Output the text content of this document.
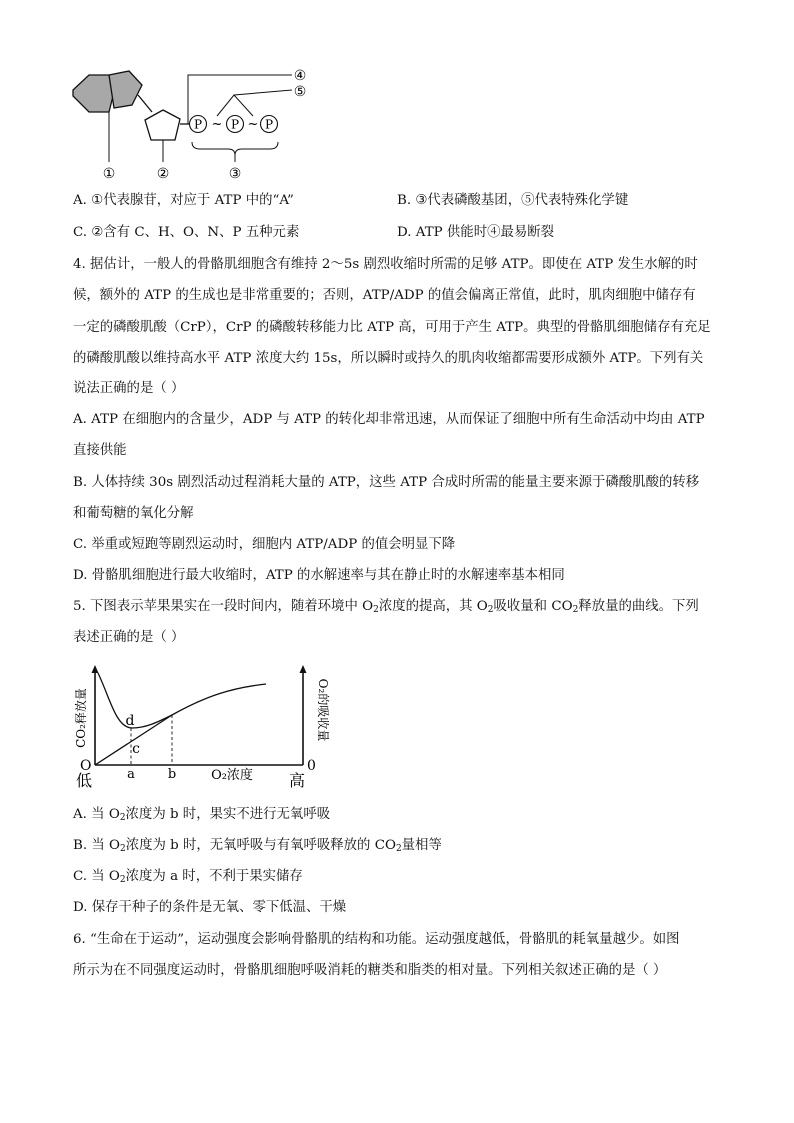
P ~ P ~ P
①	②	③
④
⑤
A. ①代表腺苷，对应于 ATP 中的“A”	B. ③代表磷酸基团，⑤代表特殊化学键
C. ②含有 C、H、O、N、P 五种元素	D. ATP 供能时④最易断裂
4. 据估计，一般人的骨骼肌细胞含有维持 2～5s 剧烈收缩时所需的足够 ATP。即使在 ATP 发生水解的时
候，额外的 ATP 的生成也是非常重要的；否则，ATP/ADP 的值会偏离正常值，此时，肌肉细胞中储存有
一定的磷酸肌酸（CrP），CrP 的磷酸转移能力比 ATP 高，可用于产生 ATP。典型的骨骼肌细胞储存有充足
的磷酸肌酸以维持高水平 ATP 浓度大约 15s，所以瞬时或持久的肌肉收缩都需要形成额外 ATP。下列有关
说法正确的是（ ）
A. ATP 在细胞内的含量少，ADP 与 ATP 的转化却非常迅速，从而保证了细胞中所有生命活动中均由 ATP
直接供能
B. 人体持续 30s 剧烈活动过程消耗大量的 ATP，这些 ATP 合成时所需的能量主要来源于磷酸肌酸的转移
和葡萄糖的氧化分解
C. 举重或短跑等剧烈运动时，细胞内 ATP/ADP 的值会明显下降
D. 骨骼肌细胞进行最大收缩时，ATP 的水解速率与其在静止时的水解速率基本相同
5. 下图表示苹果果实在一段时间内，随着环境中 $O_2$浓度的提高，其 $O_2$吸收量和 $CO_2$释放量的曲线。下列
表述正确的是（ ）
d
c
CO₂释放量	O₂的吸收量
O	0
低	高
a	b	O₂浓度
A. 当 $O_2$浓度为 b 时，果实不进行无氧呼吸
B. 当 $O_2$浓度为 b 时，无氧呼吸与有氧呼吸释放的 $CO_2$量相等
C. 当 $O_2$浓度为 a 时，不利于果实储存
D. 保存干种子的条件是无氧、零下低温、干燥
6. “生命在于运动”，运动强度会影响骨骼肌的结构和功能。运动强度越低，骨骼肌的耗氧量越少。如图
所示为在不同强度运动时，骨骼肌细胞呼吸消耗的糖类和脂类的相对量。下列相关叙述正确的是（ ）
